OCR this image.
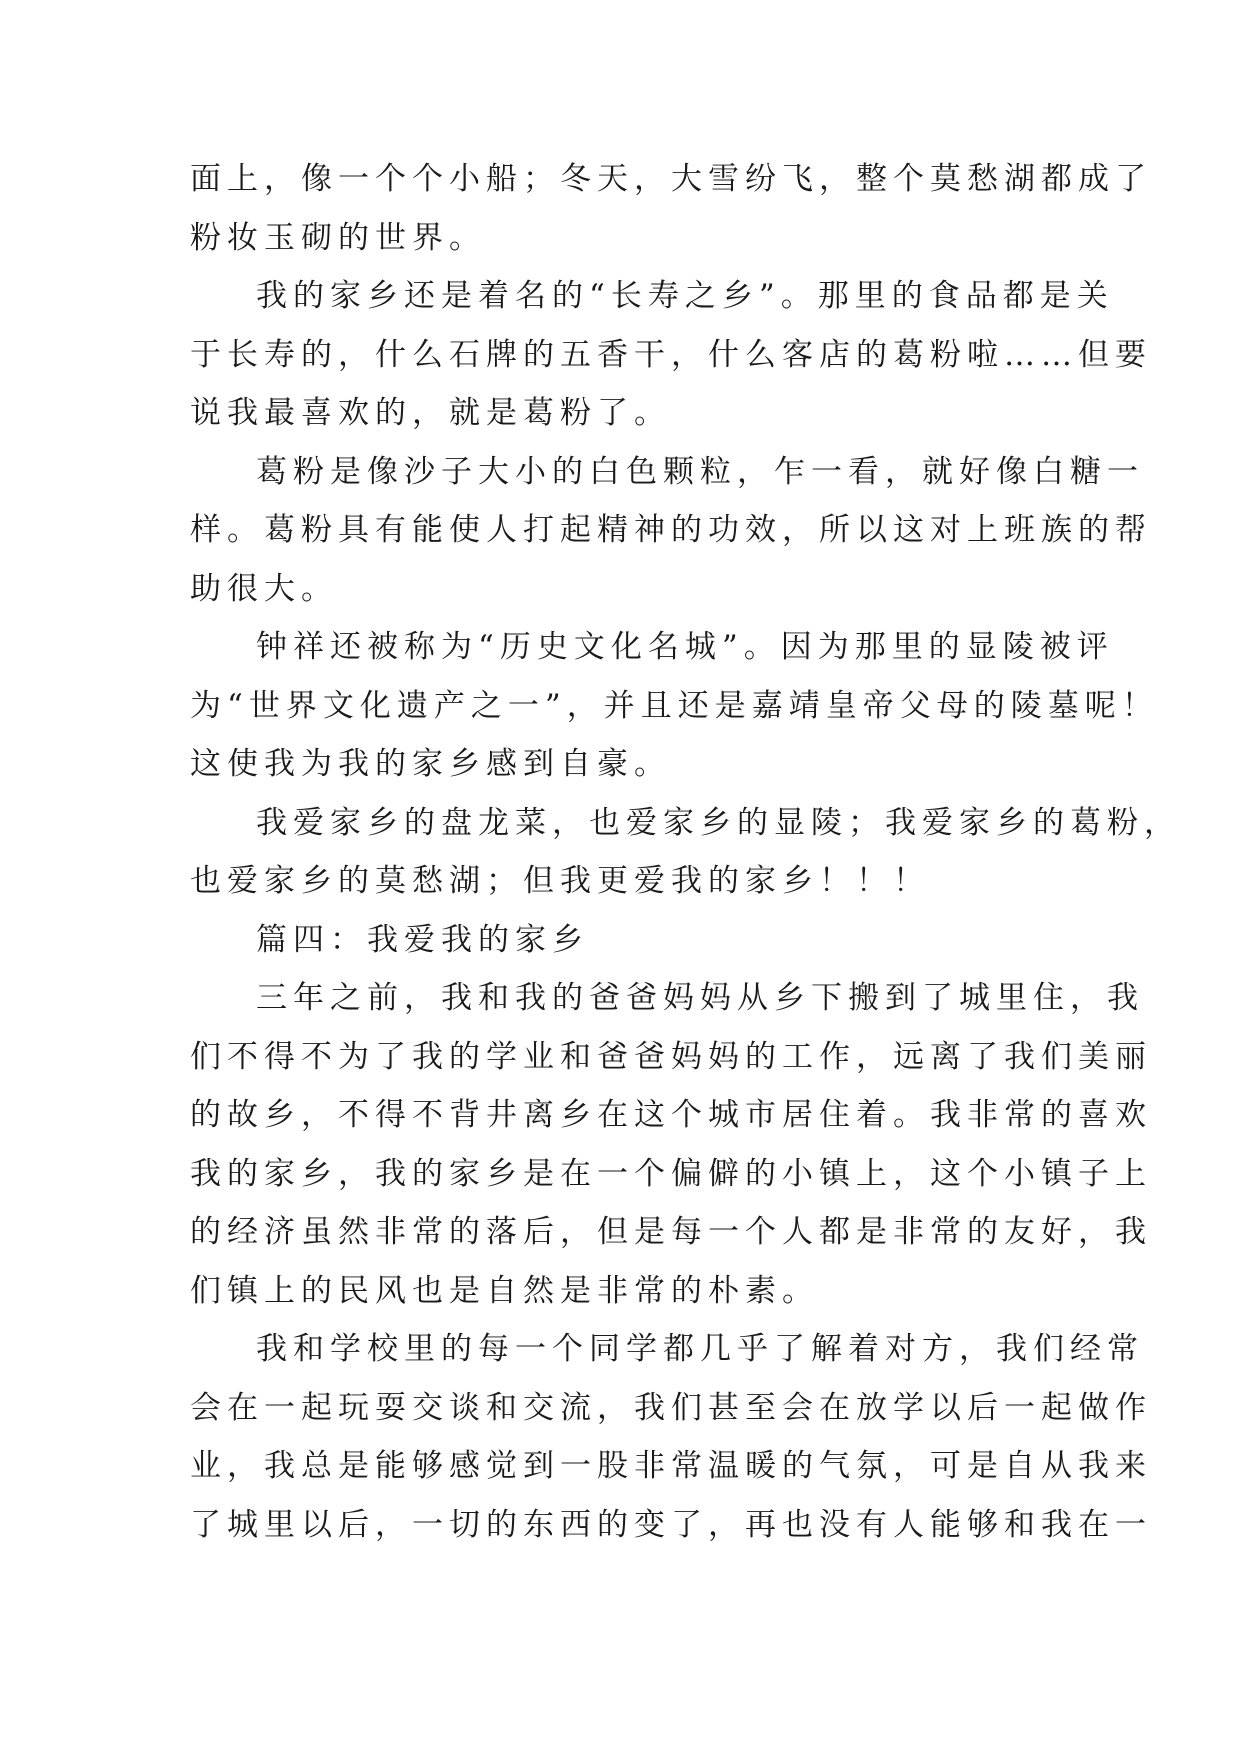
面上，像一个个小船；冬天，大雪纷飞，整个莫愁湖都成了
粉妆玉砌的世界。
我的家乡还是着名的“长寿之乡”。那里的食品都是关
于长寿的，什么石牌的五香干，什么客店的葛粉啦……但要
说我最喜欢的，就是葛粉了。
葛粉是像沙子大小的白色颗粒，乍一看，就好像白糖一
样。葛粉具有能使人打起精神的功效，所以这对上班族的帮
助很大。
钟祥还被称为“历史文化名城”。因为那里的显陵被评
为“世界文化遗产之一”，并且还是嘉靖皇帝父母的陵墓呢！
这使我为我的家乡感到自豪。
我爱家乡的盘龙菜，也爱家乡的显陵；我爱家乡的葛粉，
也爱家乡的莫愁湖；但我更爱我的家乡！！！
篇四：我爱我的家乡
三年之前，我和我的爸爸妈妈从乡下搬到了城里住，我
们不得不为了我的学业和爸爸妈妈的工作，远离了我们美丽
的故乡，不得不背井离乡在这个城市居住着。我非常的喜欢
我的家乡，我的家乡是在一个偏僻的小镇上，这个小镇子上
的经济虽然非常的落后，但是每一个人都是非常的友好，我
们镇上的民风也是自然是非常的朴素。
我和学校里的每一个同学都几乎了解着对方，我们经常
会在一起玩耍交谈和交流，我们甚至会在放学以后一起做作
业，我总是能够感觉到一股非常温暖的气氛，可是自从我来
了城里以后，一切的东西的变了，再也没有人能够和我在一
